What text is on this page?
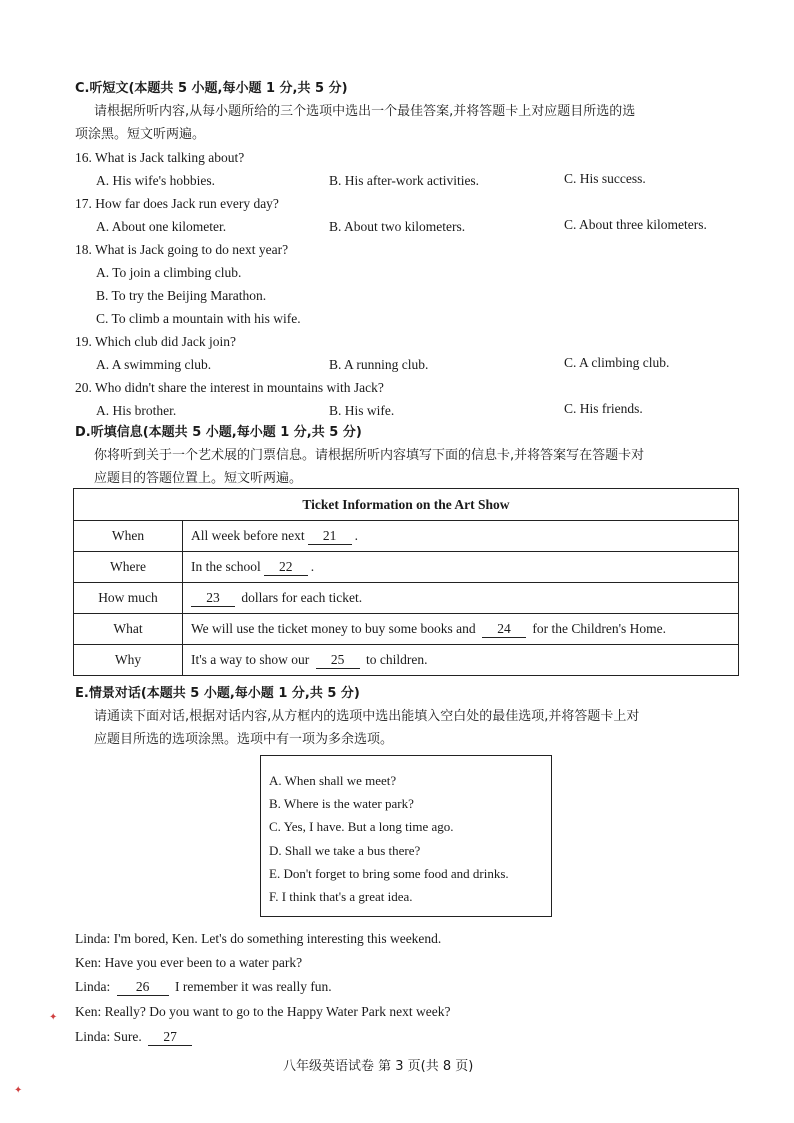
C.听短文(本题共 5 小题,每小题 1 分,共 5 分)
请根据所听内容,从每小题所给的三个选项中选出一个最佳答案,并将答题卡上对应题目所选的选
项涂黑。短文听两遍。
16. What is Jack talking about?
A. His wife's hobbies.	B. His after-work activities.	C. His success.
17. How far does Jack run every day?
A. About one kilometer.	B. About two kilometers.	C. About three kilometers.
18. What is Jack going to do next year?
A. To join a climbing club.
B. To try the Beijing Marathon.
C. To climb a mountain with his wife.
19. Which club did Jack join?
A. A swimming club.	B. A running club.	C. A climbing club.
20. Who didn't share the interest in mountains with Jack?
A. His brother.	B. His wife.	C. His friends.
D.听填信息(本题共 5 小题,每小题 1 分,共 5 分)
你将听到关于一个艺术展的门票信息。请根据所听内容填写下面的信息卡,并将答案写在答题卡对
应题目的答题位置上。短文听两遍。
Ticket Information on the Art Show	
When	All week before next 21 .
Where	In the school 22 .
How much	23 dollars for each ticket.
What	We will use the ticket money to buy some books and 24 for the Children's Home.
Why	It's a way to show our 25 to children.
E.情景对话(本题共 5 小题,每小题 1 分,共 5 分)
请通读下面对话,根据对话内容,从方框内的选项中选出能填入空白处的最佳选项,并将答题卡上对
应题目所选的选项涂黑。选项中有一项为多余选项。
A. When shall we meet?
B. Where is the water park?
C. Yes, I have. But a long time ago.
D. Shall we take a bus there?
E. Don't forget to bring some food and drinks.
F. I think that's a great idea.
Linda: I'm bored, Ken. Let's do something interesting this weekend.
Ken: Have you ever been to a water park?
Linda: 26 I remember it was really fun.
Ken: Really? Do you want to go to the Happy Water Park next week?
Linda: Sure. 27
✦
✦
八年级英语试卷 第 3 页(共 8 页)
